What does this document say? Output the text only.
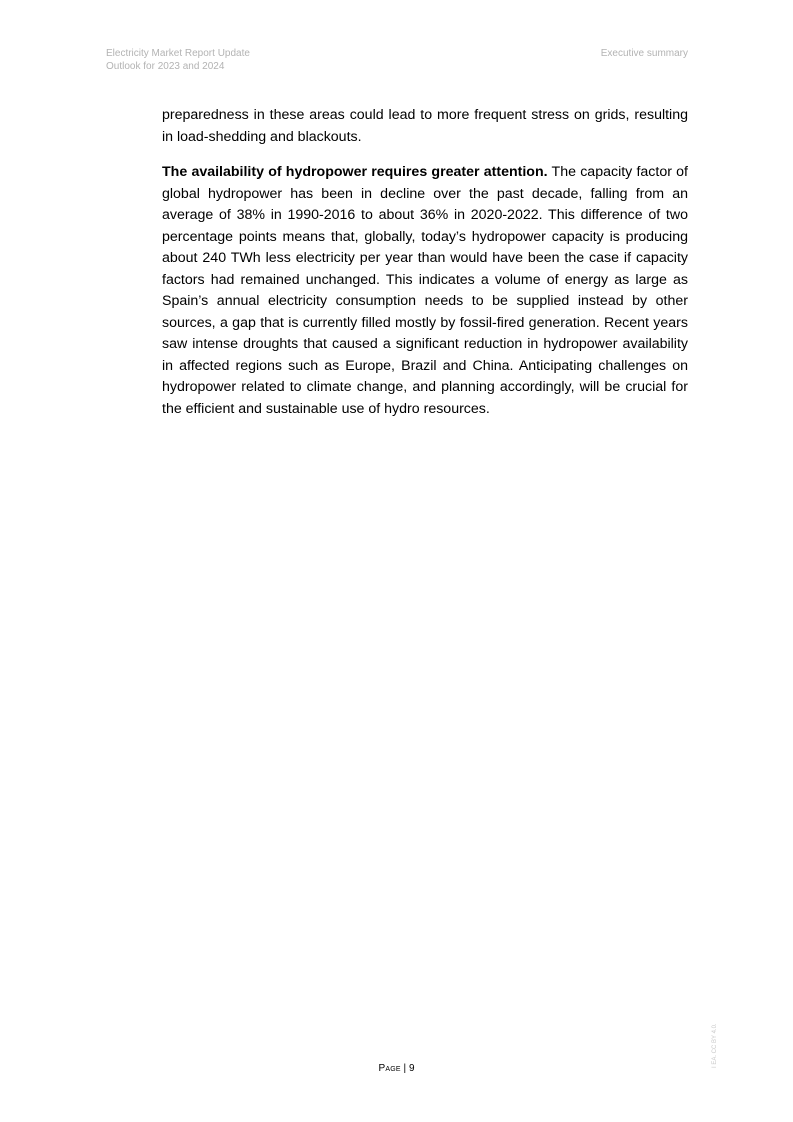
Electricity Market Report Update
Outlook for 2023 and 2024
Executive summary

preparedness in these areas could lead to more frequent stress on grids, resulting in load-shedding and blackouts.

The availability of hydropower requires greater attention. The capacity factor of global hydropower has been in decline over the past decade, falling from an average of 38% in 1990-2016 to about 36% in 2020-2022. This difference of two percentage points means that, globally, today’s hydropower capacity is producing about 240 TWh less electricity per year than would have been the case if capacity factors had remained unchanged. This indicates a volume of energy as large as Spain’s annual electricity consumption needs to be supplied instead by other sources, a gap that is currently filled mostly by fossil-fired generation. Recent years saw intense droughts that caused a significant reduction in hydropower availability in affected regions such as Europe, Brazil and China. Anticipating challenges on hydropower related to climate change, and planning accordingly, will be crucial for the efficient and sustainable use of hydro resources.

Page | 9
I EA. CC BY 4.0.
